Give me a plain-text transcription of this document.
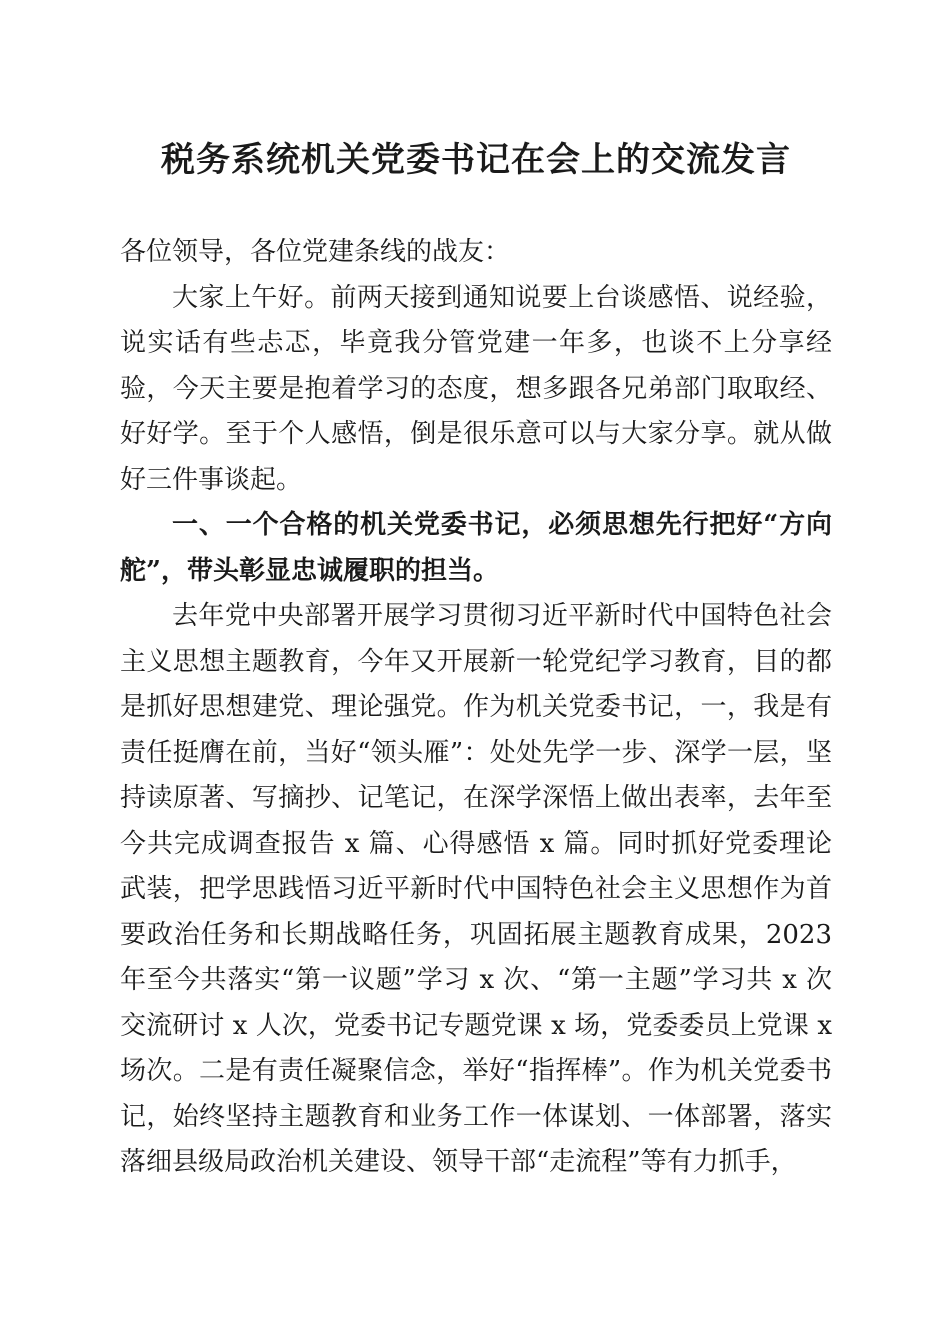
税务系统机关党委书记在会上的交流发言

各位领导，各位党建条线的战友：

大家上午好。前两天接到通知说要上台谈感悟、说经验，说实话有些忐忑，毕竟我分管党建一年多，也谈不上分享经验，今天主要是抱着学习的态度，想多跟各兄弟部门取取经、好好学。至于个人感悟，倒是很乐意可以与大家分享。就从做好三件事谈起。

一、一个合格的机关党委书记，必须思想先行把好“方向舵”，带头彰显忠诚履职的担当。

去年党中央部署开展学习贯彻习近平新时代中国特色社会主义思想主题教育，今年又开展新一轮党纪学习教育，目的都是抓好思想建党、理论强党。作为机关党委书记，一，我是有责任挺膺在前，当好“领头雁”：处处先学一步、深学一层，坚持读原著、写摘抄、记笔记，在深学深悟上做出表率，去年至今共完成调查报告 x 篇、心得感悟 x 篇。同时抓好党委理论武装，把学思践悟习近平新时代中国特色社会主义思想作为首要政治任务和长期战略任务，巩固拓展主题教育成果，2023 年至今共落实“第一议题”学习 x 次、“第一主题”学习共 x 次交流研讨 x 人次，党委书记专题党课 x 场，党委委员上党课 x 场次。二是有责任凝聚信念，举好“指挥棒”。作为机关党委书记，始终坚持主题教育和业务工作一体谋划、一体部署，落实落细县级局政治机关建设、领导干部“走流程”等有力抓手，
